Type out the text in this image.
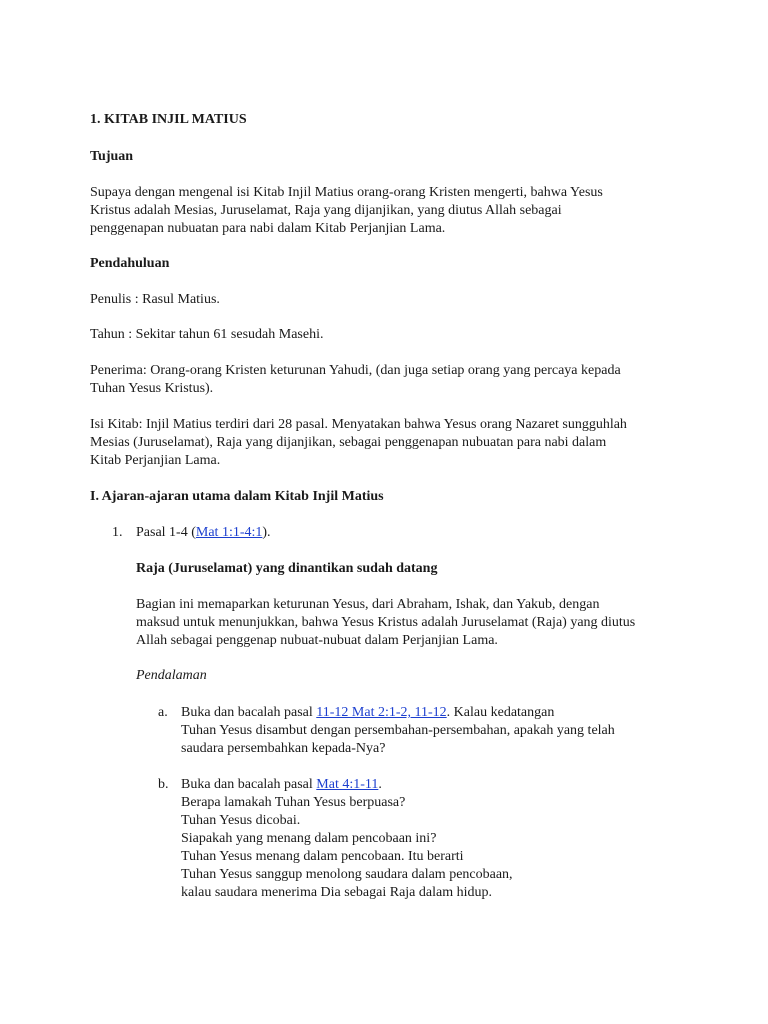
1. KITAB INJIL MATIUS
Tujuan
Supaya dengan mengenal isi Kitab Injil Matius orang-orang Kristen mengerti, bahwa Yesus
Kristus adalah Mesias, Juruselamat, Raja yang dijanjikan, yang diutus Allah sebagai
penggenapan nubuatan para nabi dalam Kitab Perjanjian Lama.
Pendahuluan
Penulis : Rasul Matius.
Tahun : Sekitar tahun 61 sesudah Masehi.
Penerima: Orang-orang Kristen keturunan Yahudi, (dan juga setiap orang yang percaya kepada
Tuhan Yesus Kristus).
Isi Kitab: Injil Matius terdiri dari 28 pasal. Menyatakan bahwa Yesus orang Nazaret sungguhlah
Mesias (Juruselamat), Raja yang dijanjikan, sebagai penggenapan nubuatan para nabi dalam
Kitab Perjanjian Lama.
I. Ajaran-ajaran utama dalam Kitab Injil Matius
1. Pasal 1-4 (Mat 1:1-4:1).
Raja (Juruselamat) yang dinantikan sudah datang
Bagian ini memaparkan keturunan Yesus, dari Abraham, Ishak, dan Yakub, dengan
maksud untuk menunjukkan, bahwa Yesus Kristus adalah Juruselamat (Raja) yang diutus
Allah sebagai penggenap nubuat-nubuat dalam Perjanjian Lama.
Pendalaman
a. Buka dan bacalah pasal 11-12 Mat 2:1-2, 11-12. Kalau kedatangan
Tuhan Yesus disambut dengan persembahan-persembahan, apakah yang telah
saudara persembahkan kepada-Nya?
b. Buka dan bacalah pasal Mat 4:1-11.
Berapa lamakah Tuhan Yesus berpuasa?
Tuhan Yesus dicobai.
Siapakah yang menang dalam pencobaan ini?
Tuhan Yesus menang dalam pencobaan. Itu berarti
Tuhan Yesus sanggup menolong saudara dalam pencobaan,
kalau saudara menerima Dia sebagai Raja dalam hidup.
